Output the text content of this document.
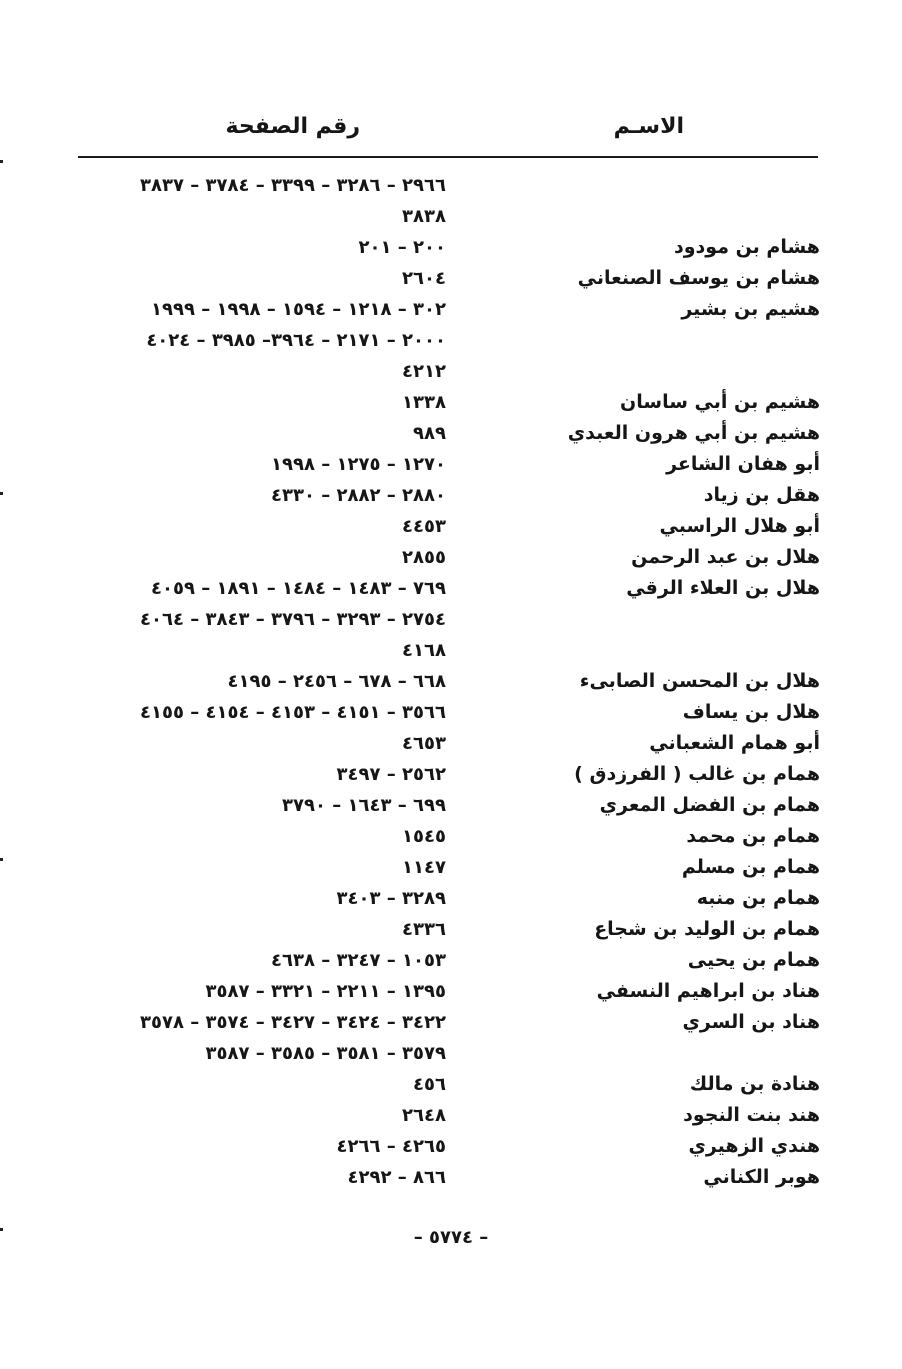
الاسـم
رقم الصفحة
٢٩٦٦ – ٣٢٨٦ – ٣٣٩٩ – ٣٧٨٤ – ٣٨٣٧
٣٨٣٨
هشام بن مودود
٢٠٠ – ٢٠١
هشام بن يوسف الصنعاني
٢٦٠٤
هشيم بن بشير
٣٠٢ – ١٢١٨ – ١٥٩٤ – ١٩٩٨ – ١٩٩٩
٢٠٠٠ – ٢١٧١ – ٣٩٦٤– ٣٩٨٥ – ٤٠٢٤
٤٢١٢
هشيم بن أبي ساسان
١٣٣٨
هشيم بن أبي هرون العبدي
٩٨٩
أبو هفان الشاعر
١٢٧٠ – ١٢٧٥ – ١٩٩٨
هقل بن زياد
٢٨٨٠ – ٢٨٨٢ – ٤٣٣٠
أبو هلال الراسبي
٤٤٥٣
هلال بن عبد الرحمن
٢٨٥٥
هلال بن العلاء الرقي
٧٦٩ – ١٤٨٣ – ١٤٨٤ – ١٨٩١ – ٤٠٥٩
٢٧٥٤ – ٣٢٩٣ – ٣٧٩٦ – ٣٨٤٣ – ٤٠٦٤
٤١٦٨
هلال بن المحسن الصابىء
٦٦٨ – ٦٧٨ – ٢٤٥٦ – ٤١٩٥
هلال بن يساف
٣٥٦٦ – ٤١٥١ – ٤١٥٣ – ٤١٥٤ – ٤١٥٥
أبو همام الشعباني
٤٦٥٣
همام بن غالب ( الفرزدق )
٢٥٦٢ – ٣٤٩٧
همام بن الفضل المعري
٦٩٩ – ١٦٤٣ – ٣٧٩٠
همام بن محمد
١٥٤٥
همام بن مسلم
١١٤٧
همام بن منبه
٣٢٨٩ – ٣٤٠٣
همام بن الوليد بن شجاع
٤٣٣٦
همام بن يحيى
١٠٥٣ – ٣٢٤٧ – ٤٦٣٨
هناد بن ابراهيم النسفي
١٣٩٥ – ٢٢١١ – ٣٣٢١ – ٣٥٨٧
هناد بن السري
٣٤٢٢ – ٣٤٢٤ – ٣٤٢٧ – ٣٥٧٤ – ٣٥٧٨
٣٥٧٩ – ٣٥٨١ – ٣٥٨٥ – ٣٥٨٧
هنادة بن مالك
٤٥٦
هند بنت النجود
٢٦٤٨
هندي الزهيري
٤٢٦٥ – ٤٢٦٦
هوبر الكناني
٨٦٦ – ٤٢٩٢
– ٥٧٧٤ –
